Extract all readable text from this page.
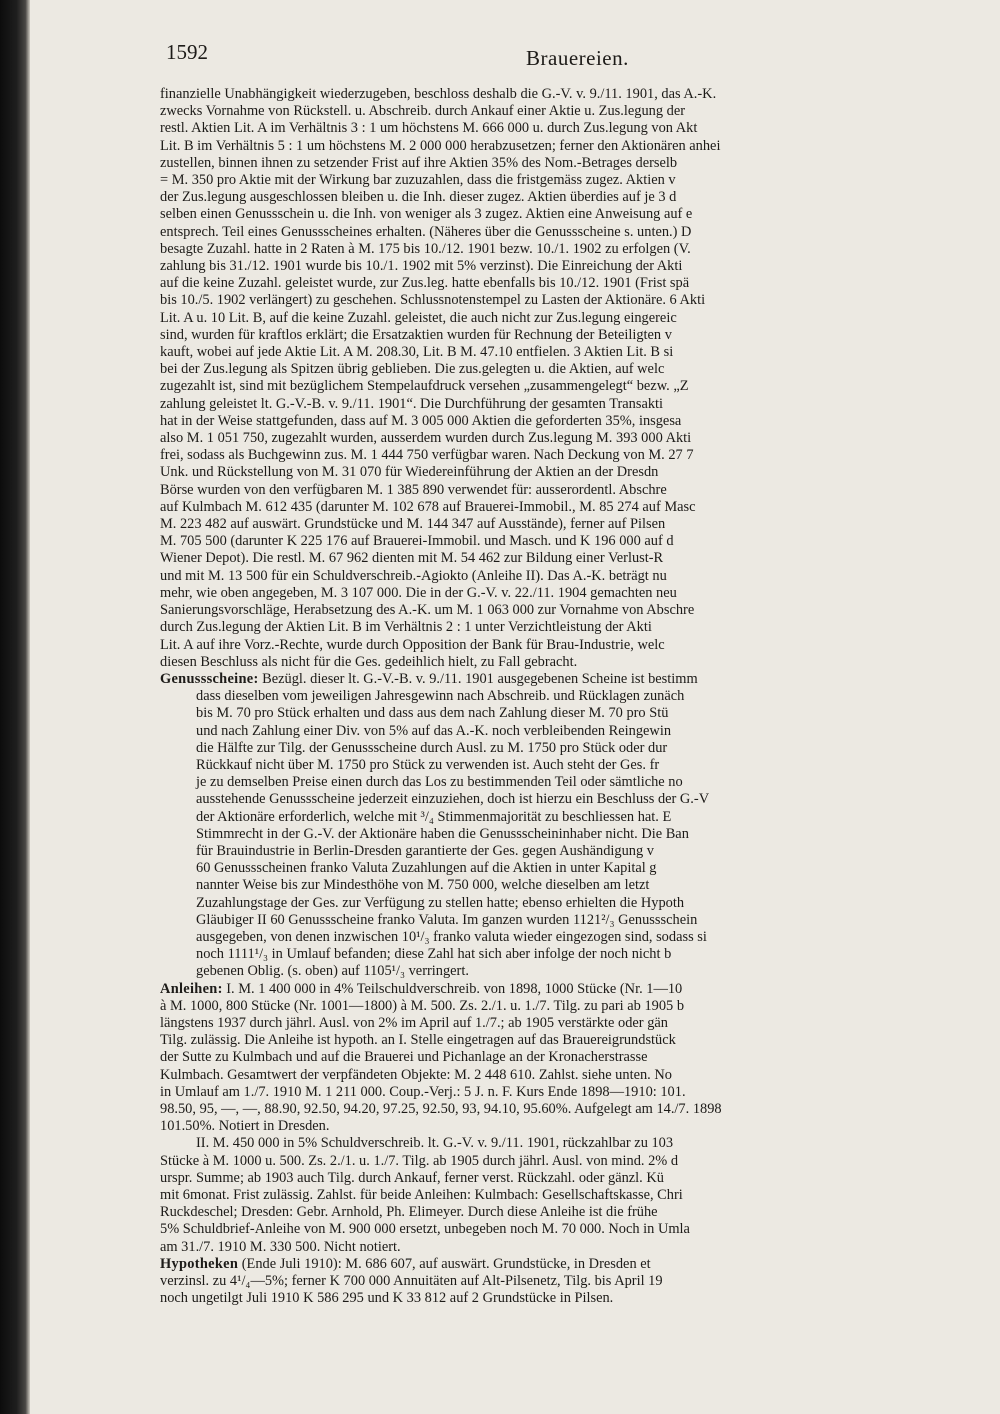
1592	Brauereien.

finanzielle Unabhängigkeit wiederzugeben, beschloss deshalb die G.-V. v. 9./11. 1901, das A.-K.

zwecks Vornahme von Rückstell. u. Abschreib. durch Ankauf einer Aktie u. Zus.legung der

restl. Aktien Lit. A im Verhältnis 3 : 1 um höchstens M. 666 000 u. durch Zus.legung von Akt

Lit. B im Verhältnis 5 : 1 um höchstens M. 2 000 000 herabzusetzen; ferner den Aktionären anhei

zustellen, binnen ihnen zu setzender Frist auf ihre Aktien 35% des Nom.-Betrages derselb

= M. 350 pro Aktie mit der Wirkung bar zuzuzahlen, dass die fristgemäss zugez. Aktien v

der Zus.legung ausgeschlossen bleiben u. die Inh. dieser zugez. Aktien überdies auf je 3 d

selben einen Genussschein u. die Inh. von weniger als 3 zugez. Aktien eine Anweisung auf e

entsprech. Teil eines Genussscheines erhalten. (Näheres über die Genussscheine s. unten.) D

besagte Zuzahl. hatte in 2 Raten à M. 175 bis 10./12. 1901 bezw. 10./1. 1902 zu erfolgen (V.

zahlung bis 31./12. 1901 wurde bis 10./1. 1902 mit 5% verzinst). Die Einreichung der Akti

auf die keine Zuzahl. geleistet wurde, zur Zus.leg. hatte ebenfalls bis 10./12. 1901 (Frist spä

bis 10./5. 1902 verlängert) zu geschehen. Schlussnotenstempel zu Lasten der Aktionäre. 6 Akti

Lit. A u. 10 Lit. B, auf die keine Zuzahl. geleistet, die auch nicht zur Zus.legung eingereic

sind, wurden für kraftlos erklärt; die Ersatzaktien wurden für Rechnung der Beteiligten v

kauft, wobei auf jede Aktie Lit. A M. 208.30, Lit. B M. 47.10 entfielen. 3 Aktien Lit. B si

bei der Zus.legung als Spitzen übrig geblieben. Die zus.gelegten u. die Aktien, auf welc

zugezahlt ist, sind mit bezüglichem Stempelaufdruck versehen „zusammengelegt“ bezw. „Z

zahlung geleistet lt. G.-V.-B. v. 9./11. 1901“. Die Durchführung der gesamten Transakti

hat in der Weise stattgefunden, dass auf M. 3 005 000 Aktien die geforderten 35%, insgesa

also M. 1 051 750, zugezahlt wurden, ausserdem wurden durch Zus.legung M. 393 000 Akti

frei, sodass als Buchgewinn zus. M. 1 444 750 verfügbar waren. Nach Deckung von M. 27 7

Unk. und Rückstellung von M. 31 070 für Wiedereinführung der Aktien an der Dresdn

Börse wurden von den verfügbaren M. 1 385 890 verwendet für: ausserordentl. Abschre

auf Kulmbach M. 612 435 (darunter M. 102 678 auf Brauerei-Immobil., M. 85 274 auf Masc

M. 223 482 auf auswärt. Grundstücke und M. 144 347 auf Ausstände), ferner auf Pilsen

M. 705 500 (darunter K 225 176 auf Brauerei-Immobil. und Masch. und K 196 000 auf d

Wiener Depot). Die restl. M. 67 962 dienten mit M. 54 462 zur Bildung einer Verlust-R

und mit M. 13 500 für ein Schuldverschreib.-Agiokto (Anleihe II). Das A.-K. beträgt nu

mehr, wie oben angegeben, M. 3 107 000. Die in der G.-V. v. 22./11. 1904 gemachten neu

Sanierungsvorschläge, Herabsetzung des A.-K. um M. 1 063 000 zur Vornahme von Abschre

durch Zus.legung der Aktien Lit. B im Verhältnis 2 : 1 unter Verzichtleistung der Akti

Lit. A auf ihre Vorz.-Rechte, wurde durch Opposition der Bank für Brau-Industrie, welc

diesen Beschluss als nicht für die Ges. gedeihlich hielt, zu Fall gebracht.

Genussscheine: Bezügl. dieser lt. G.-V.-B. v. 9./11. 1901 ausgegebenen Scheine ist bestimm

dass dieselben vom jeweiligen Jahresgewinn nach Abschreib. und Rücklagen zunäch

bis M. 70 pro Stück erhalten und dass aus dem nach Zahlung dieser M. 70 pro Stü

und nach Zahlung einer Div. von 5% auf das A.-K. noch verbleibenden Reingewin

die Hälfte zur Tilg. der Genussscheine durch Ausl. zu M. 1750 pro Stück oder dur

Rückkauf nicht über M. 1750 pro Stück zu verwenden ist. Auch steht der Ges. fr

je zu demselben Preise einen durch das Los zu bestimmenden Teil oder sämtliche no

ausstehende Genussscheine jederzeit einzuziehen, doch ist hierzu ein Beschluss der G.-V

der Aktionäre erforderlich, welche mit ³/₄ Stimmenmajorität zu beschliessen hat. E

Stimmrecht in der G.-V. der Aktionäre haben die Genussscheininhaber nicht. Die Ban

für Brauindustrie in Berlin-Dresden garantierte der Ges. gegen Aushändigung v

60 Genussscheinen franko Valuta Zuzahlungen auf die Aktien in unter Kapital g

nannter Weise bis zur Mindesthöhe von M. 750 000, welche dieselben am letzt

Zuzahlungstage der Ges. zur Verfügung zu stellen hatte; ebenso erhielten die Hypoth

Gläubiger II 60 Genussscheine franko Valuta. Im ganzen wurden 1121²/₃ Genussschein

ausgegeben, von denen inzwischen 10¹/₃ franko valuta wieder eingezogen sind, sodass si

noch 1111¹/₃ in Umlauf befanden; diese Zahl hat sich aber infolge der noch nicht b

gebenen Oblig. (s. oben) auf 1105¹/₃ verringert.

Anleihen: I. M. 1 400 000 in 4% Teilschuldverschreib. von 1898, 1000 Stücke (Nr. 1—10

à M. 1000, 800 Stücke (Nr. 1001—1800) à M. 500. Zs. 2./1. u. 1./7. Tilg. zu pari ab 1905 b

längstens 1937 durch jährl. Ausl. von 2% im April auf 1./7.; ab 1905 verstärkte oder gän

Tilg. zulässig. Die Anleihe ist hypoth. an I. Stelle eingetragen auf das Brauereigrundstück

der Sutte zu Kulmbach und auf die Brauerei und Pichanlage an der Kronacherstrasse

Kulmbach. Gesamtwert der verpfändeten Objekte: M. 2 448 610. Zahlst. siehe unten. No

in Umlauf am 1./7. 1910 M. 1 211 000. Coup.-Verj.: 5 J. n. F. Kurs Ende 1898—1910: 101.

98.50, 95, —, —, 88.90, 92.50, 94.20, 97.25, 92.50, 93, 94.10, 95.60%. Aufgelegt am 14./7. 1898

101.50%. Notiert in Dresden.

II. M. 450 000 in 5% Schuldverschreib. lt. G.-V. v. 9./11. 1901, rückzahlbar zu 103

Stücke à M. 1000 u. 500. Zs. 2./1. u. 1./7. Tilg. ab 1905 durch jährl. Ausl. von mind. 2% d

urspr. Summe; ab 1903 auch Tilg. durch Ankauf, ferner verst. Rückzahl. oder gänzl. Kü

mit 6monat. Frist zulässig. Zahlst. für beide Anleihen: Kulmbach: Gesellschaftskasse, Chri

Ruckdeschel; Dresden: Gebr. Arnhold, Ph. Elimeyer. Durch diese Anleihe ist die frühe

5% Schuldbrief-Anleihe von M. 900 000 ersetzt, unbegeben noch M. 70 000. Noch in Umla

am 31./7. 1910 M. 330 500. Nicht notiert.

Hypotheken (Ende Juli 1910): M. 686 607, auf auswärt. Grundstücke, in Dresden et

verzinsl. zu 4¹/₄—5%; ferner K 700 000 Annuitäten auf Alt-Pilsenetz, Tilg. bis April 19

noch ungetilgt Juli 1910 K 586 295 und K 33 812 auf 2 Grundstücke in Pilsen.
